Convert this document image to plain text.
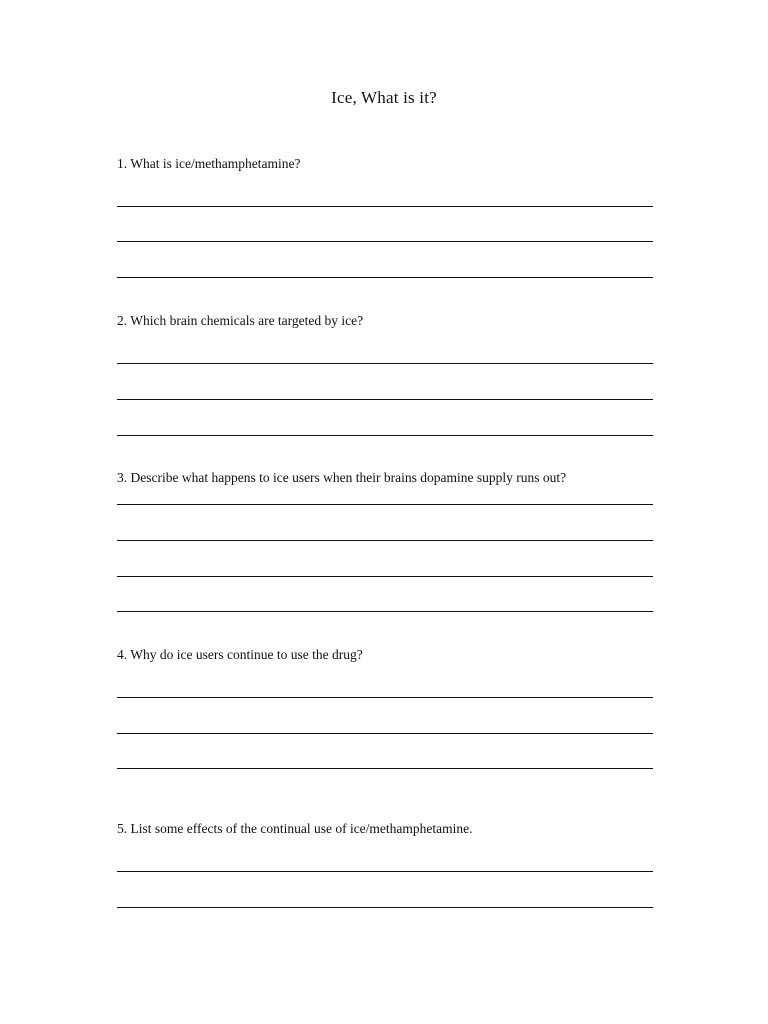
Ice, What is it?

1. What is ice/methamphetamine?

2. Which brain chemicals are targeted by ice?

3. Describe what happens to ice users when their brains dopamine supply runs out?

4. Why do ice users continue to use the drug?

5. List some effects of the continual use of ice/methamphetamine.
